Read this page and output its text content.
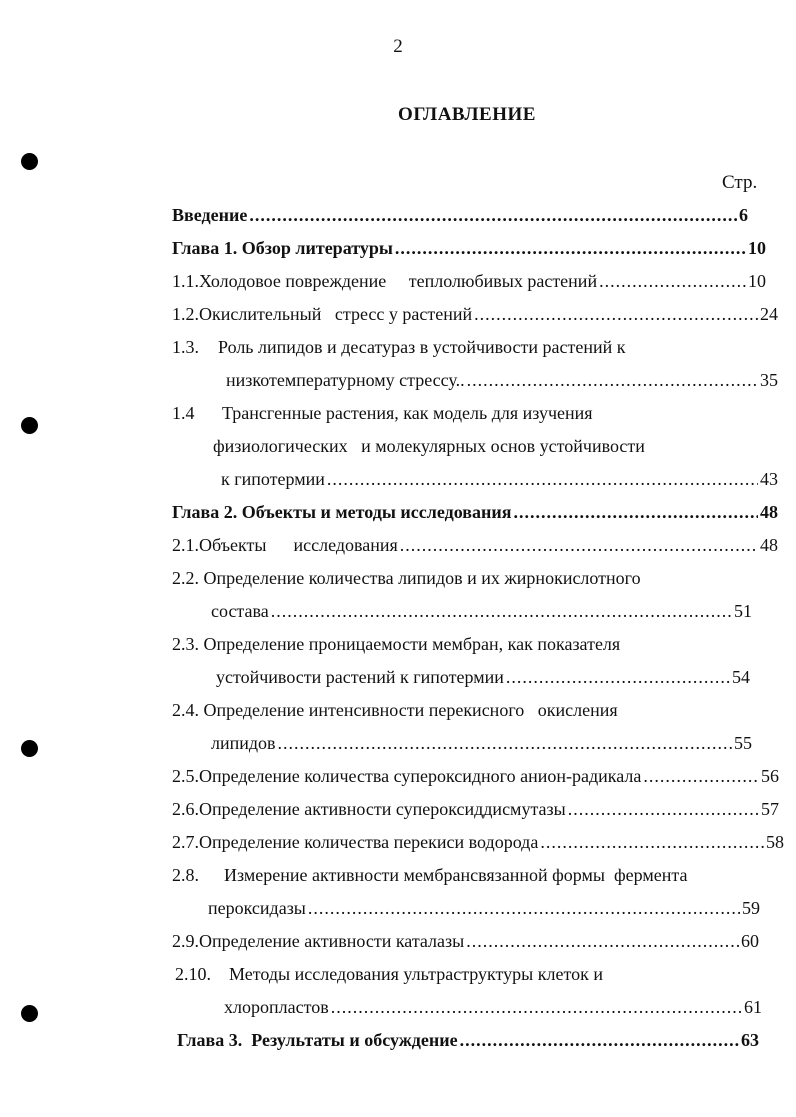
2
ОГЛАВЛЕНИЕ
Стр.
Введение .....	6
Глава 1. Обзор литературы .....	10
1.1. Холодовое повреждение     теплолюбивых растений .....	10
1.2. Окислительный   стресс у растений .....	24
1.3.	Роль липидов и десатураз в устойчивости растений к
низкотемпературному стрессу.. .....	35
1.4	Трансгенные растения, как модель для изучения
физиологических   и молекулярных основ устойчивости
к гипотермии .....	43
Глава 2. Объекты и методы исследования .....	48
2.1. Объекты      исследования .....	48
2.2. Определение количества липидов и их жирнокислотного
состава .....	51
2.3. Определение проницаемости мембран, как показателя
устойчивости растений к гипотермии .....	54
2.4. Определение интенсивности перекисного   окисления
липидов .....	55
2.5. Определение количества супероксидного анион-радикала .....	56
2.6. Определение активности супероксиддисмутазы .....	57
2.7. Определение количества перекиси водорода .....	58
2.8.	Измерение активности мембрансвязанной формы  фермента
пероксидазы .....	59
2.9. Определение активности каталазы .....	60
2.10.	Методы исследования ультраструктуры клеток и
хлоропластов .....	61
Глава 3.  Результаты и обсуждение .....	63
